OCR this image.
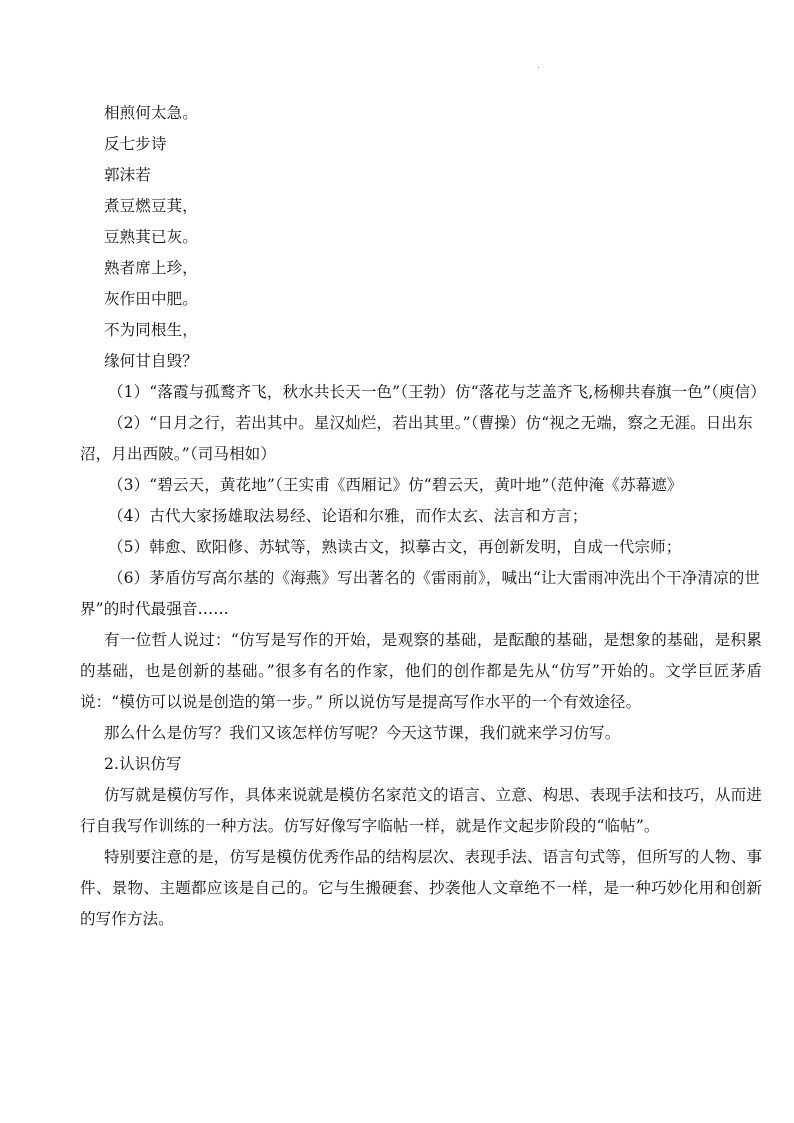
.

相煎何太急。

反七步诗

郭沫若

煮豆燃豆萁，

豆熟萁已灰。

熟者席上珍，

灰作田中肥。

不为同根生，

缘何甘自毁？

（1）“落霞与孤鹜齐飞，秋水共长天一色”（王勃）仿“落花与芝盖齐飞,杨柳共春旗一色”（庾信）

（2）“日月之行，若出其中。星汉灿烂，若出其里。”（曹操）仿“视之无端，察之无涯。日出东沼，月出西陂。”（司马相如）

（3）“碧云天，黄花地”（王实甫《西厢记》仿“碧云天，黄叶地”（范仲淹《苏幕遮》

（4）古代大家扬雄取法易经、论语和尔雅，而作太玄、法言和方言；

（5）韩愈、欧阳修、苏轼等，熟读古文，拟摹古文，再创新发明，自成一代宗师；

（6）茅盾仿写高尔基的《海燕》写出著名的《雷雨前》，喊出“让大雷雨冲洗出个干净清凉的世界”的时代最强音……

有一位哲人说过：“仿写是写作的开始，是观察的基础，是酝酿的基础，是想象的基础，是积累的基础，也是创新的基础。”很多有名的作家，他们的创作都是先从“仿写”开始的。文学巨匠茅盾说：“模仿可以说是创造的第一步。” 所以说仿写是提高写作水平的一个有效途径。

那么什么是仿写？我们又该怎样仿写呢？今天这节课，我们就来学习仿写。

2.认识仿写

仿写就是模仿写作，具体来说就是模仿名家范文的语言、立意、构思、表现手法和技巧，从而进行自我写作训练的一种方法。仿写好像写字临帖一样，就是作文起步阶段的“临帖”。

特别要注意的是，仿写是模仿优秀作品的结构层次、表现手法、语言句式等，但所写的人物、事件、景物、主题都应该是自己的。它与生搬硬套、抄袭他人文章绝不一样，是一种巧妙化用和创新的写作方法。
